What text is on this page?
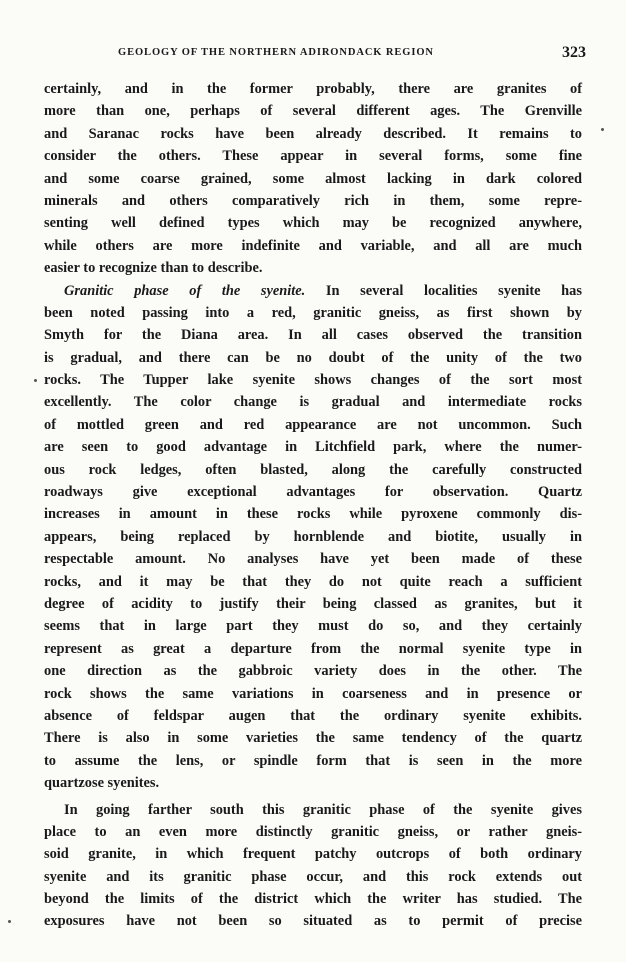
GEOLOGY OF THE NORTHERN ADIRONDACK REGION	323
certainly, and in the former probably, there are granites of
more than one, perhaps of several different ages. The Grenville
and Saranac rocks have been already described. It remains to
consider the others. These appear in several forms, some fine
and some coarse grained, some almost lacking in dark colored
minerals and others comparatively rich in them, some repre-
senting well defined types which may be recognized anywhere,
while others are more indefinite and variable, and all are much
easier to recognize than to describe.
Granitic phase of the syenite. In several localities syenite has
been noted passing into a red, granitic gneiss, as first shown by
Smyth for the Diana area. In all cases observed the transition
is gradual, and there can be no doubt of the unity of the two
rocks. The Tupper lake syenite shows changes of the sort most
excellently. The color change is gradual and intermediate rocks
of mottled green and red appearance are not uncommon. Such
are seen to good advantage in Litchfield park, where the numer-
ous rock ledges, often blasted, along the carefully constructed
roadways give exceptional advantages for observation. Quartz
increases in amount in these rocks while pyroxene commonly dis-
appears, being replaced by hornblende and biotite, usually in
respectable amount. No analyses have yet been made of these
rocks, and it may be that they do not quite reach a sufficient
degree of acidity to justify their being classed as granites, but it
seems that in large part they must do so, and they certainly
represent as great a departure from the normal syenite type in
one direction as the gabbroic variety does in the other. The
rock shows the same variations in coarseness and in presence or
absence of feldspar augen that the ordinary syenite exhibits.
There is also in some varieties the same tendency of the quartz
to assume the lens, or spindle form that is seen in the more
quartzose syenites.
In going farther south this granitic phase of the syenite gives
place to an even more distinctly granitic gneiss, or rather gneis-
soid granite, in which frequent patchy outcrops of both ordinary
syenite and its granitic phase occur, and this rock extends out
beyond the limits of the district which the writer has studied. The
exposures have not been so situated as to permit of precise
